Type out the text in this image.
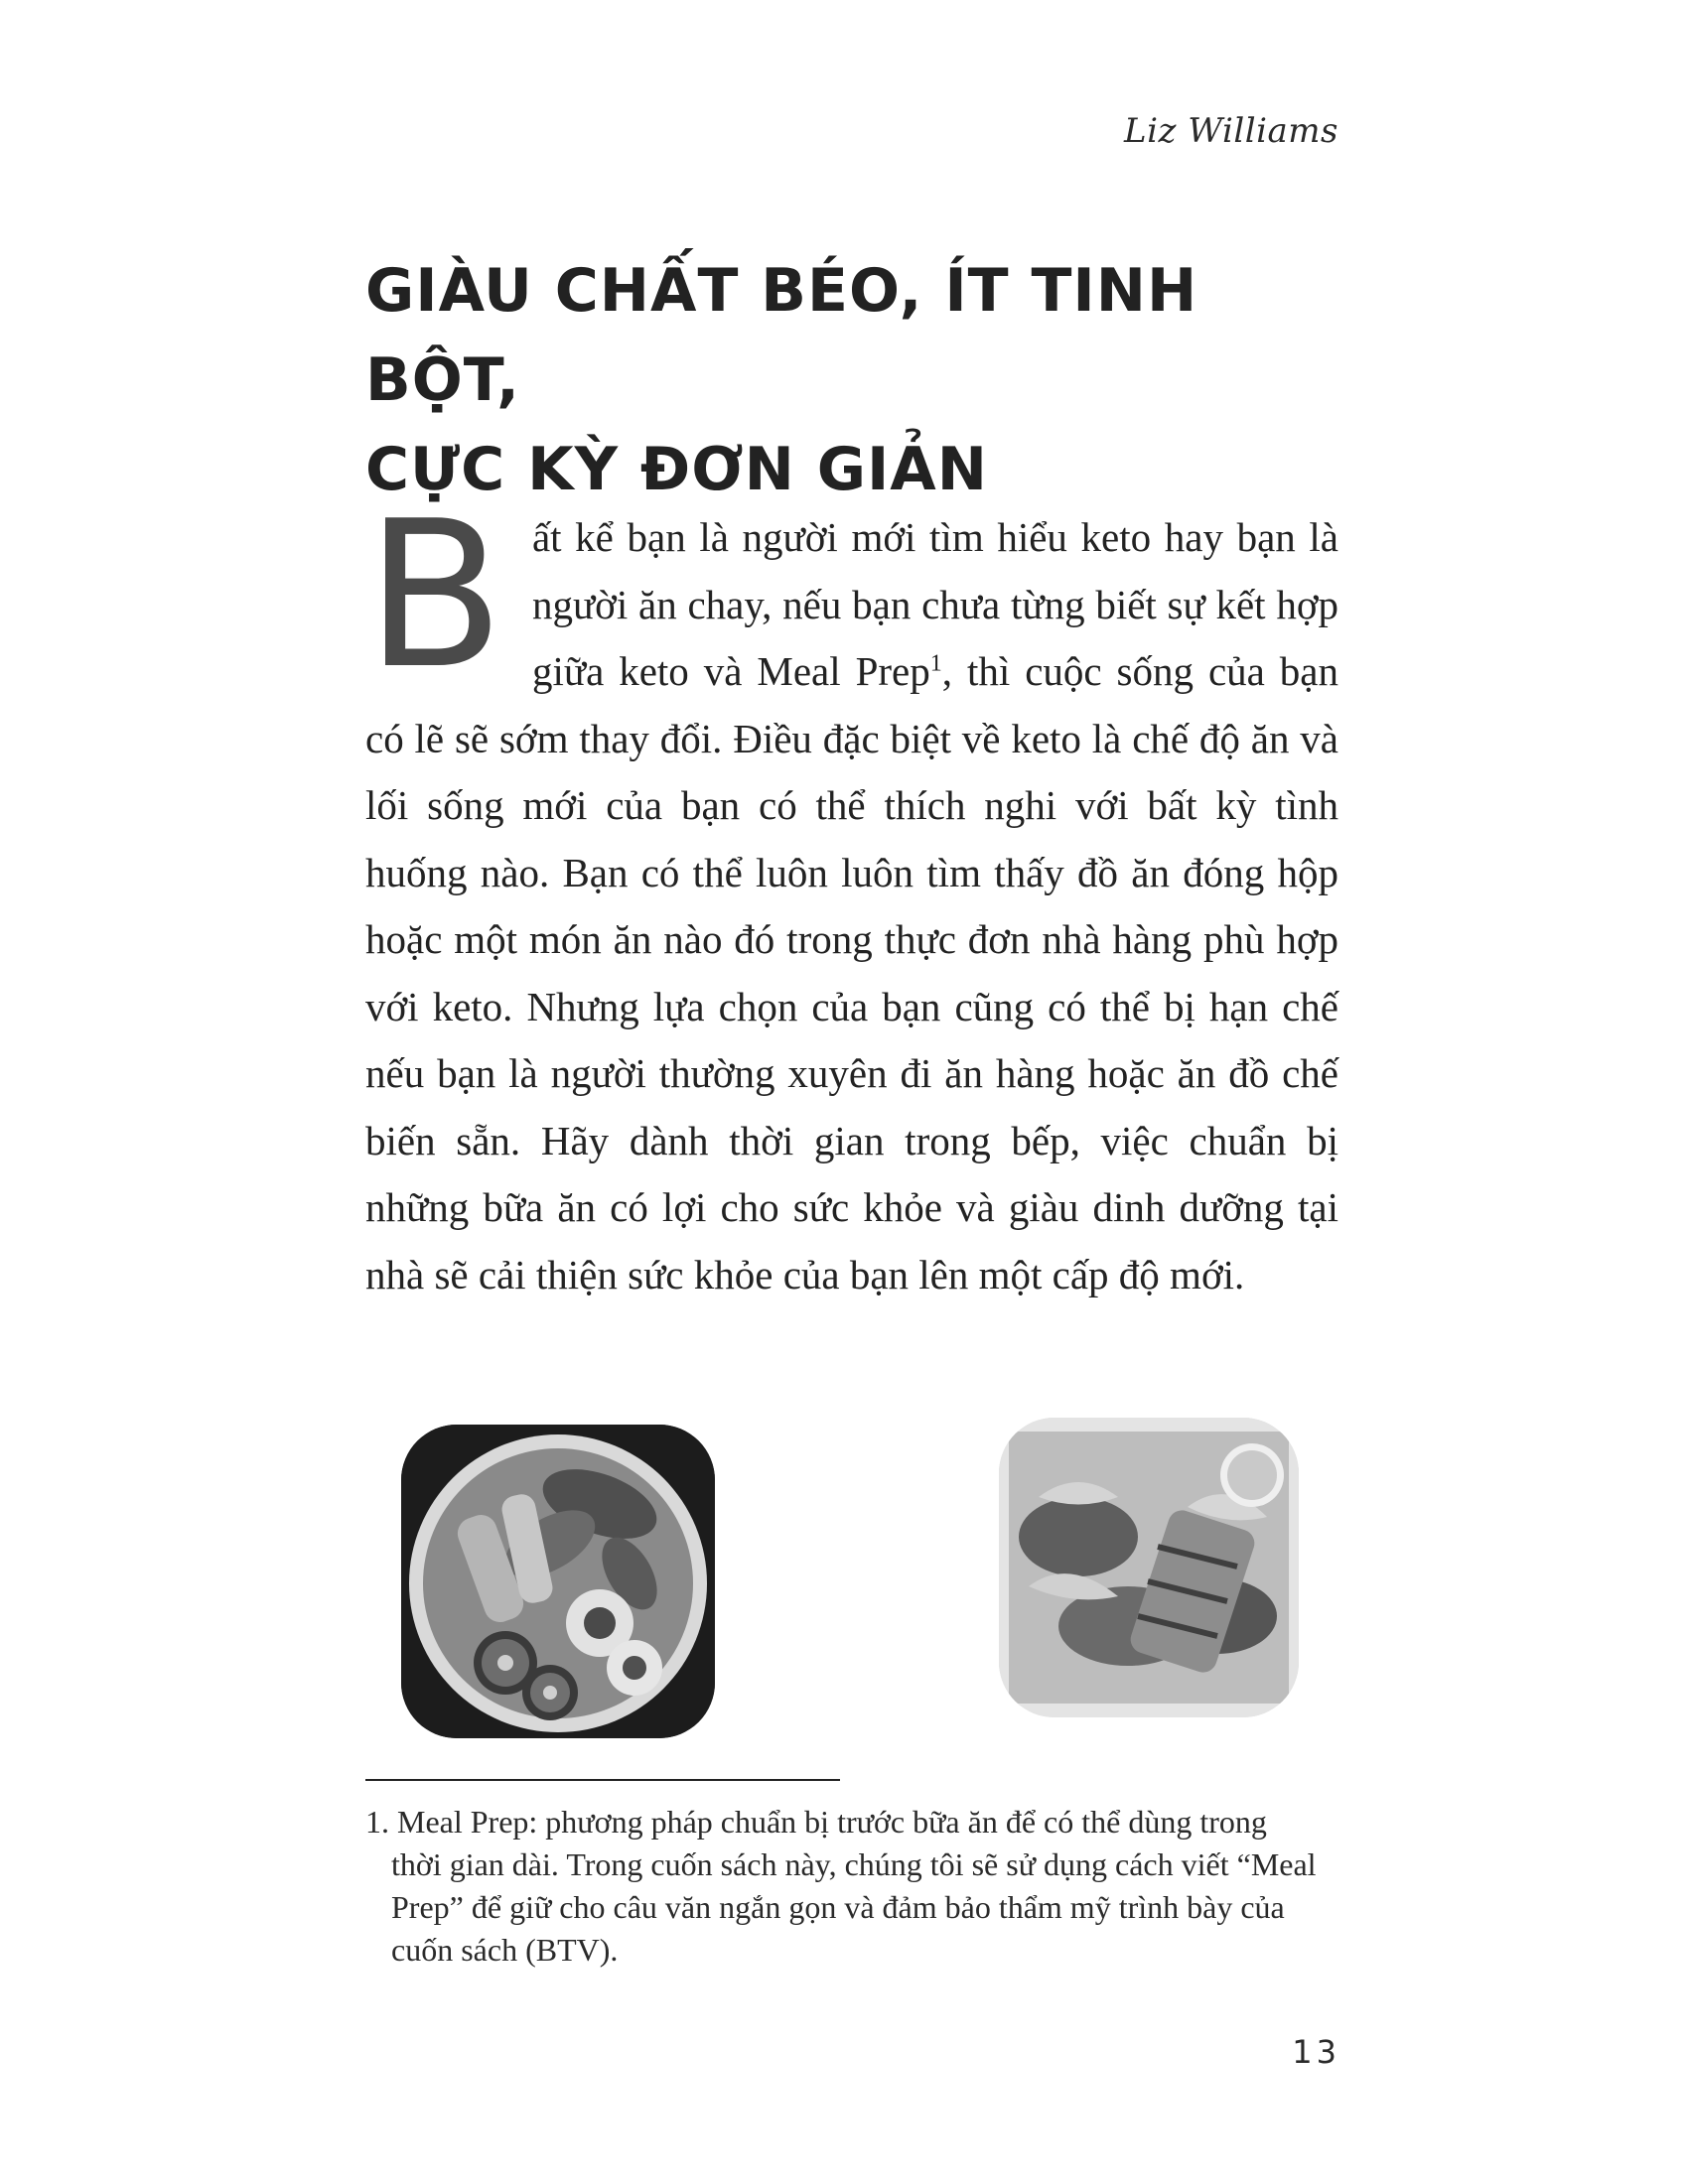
Liz Williams
GIÀU CHẤT BÉO, ÍT TINH BỘT,
CỰC KỲ ĐƠN GIẢN

Bất kể bạn là người mới tìm hiểu keto hay bạn là người ăn chay, nếu bạn chưa từng biết sự kết hợp giữa keto và Meal Prep$^1$, thì cuộc sống của bạn có lẽ sẽ sớm thay đổi. Điều đặc biệt về keto là chế độ ăn và lối sống mới của bạn có thể thích nghi với bất kỳ tình huống nào. Bạn có thể luôn luôn tìm thấy đồ ăn đóng hộp hoặc một món ăn nào đó trong thực đơn nhà hàng phù hợp với keto. Nhưng lựa chọn của bạn cũng có thể bị hạn chế nếu bạn là người thường xuyên đi ăn hàng hoặc ăn đồ chế biến sẵn. Hãy dành thời gian trong bếp, việc chuẩn bị những bữa ăn có lợi cho sức khỏe và giàu dinh dưỡng tại nhà sẽ cải thiện sức khỏe của bạn lên một cấp độ mới.

1. Meal Prep: phương pháp chuẩn bị trước bữa ăn để có thể dùng trong
thời gian dài. Trong cuốn sách này, chúng tôi sẽ sử dụng cách viết “Meal Prep” để giữ cho câu văn ngắn gọn và đảm bảo thẩm mỹ trình bày của cuốn sách (BTV).

13
